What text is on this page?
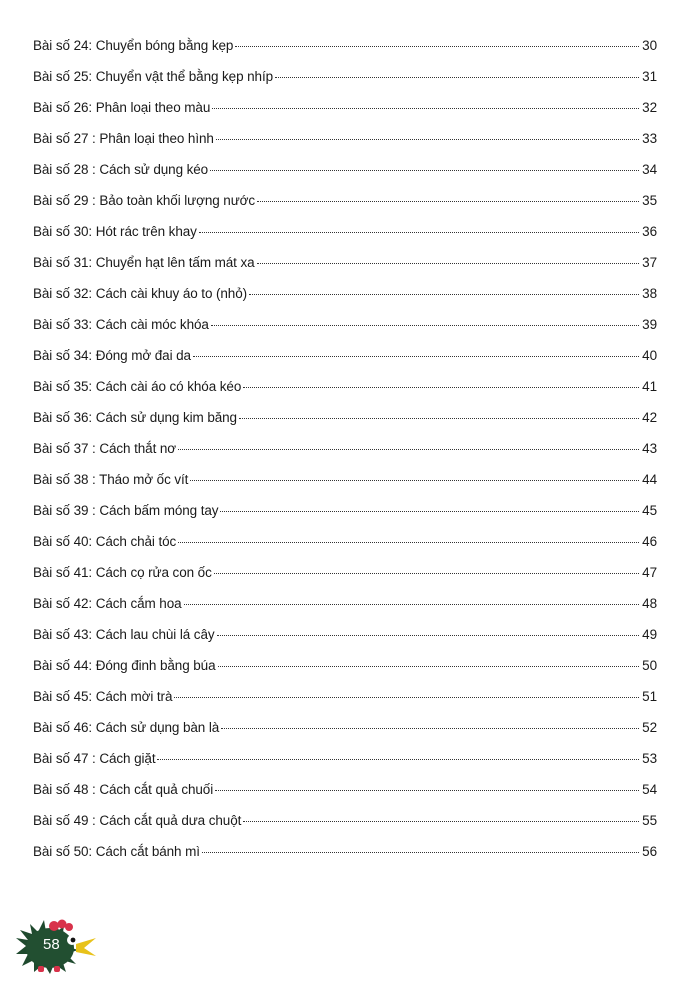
Bài số 24: Chuyển bóng bằng kẹp	30
Bài số 25: Chuyển vật thể bằng kẹp nhíp	31
Bài số 26: Phân loại theo màu	32
Bài số 27 : Phân loại theo hình	33
Bài số 28 : Cách sử dụng kéo	34
Bài số 29 : Bảo toàn khối lượng nước	35
Bài số 30: Hót rác trên khay	36
Bài số 31: Chuyển hạt lên tấm mát xa	37
Bài số 32: Cách cài khuy áo to (nhỏ)	38
Bài số 33: Cách cài móc khóa	39
Bài số 34: Đóng mở đai da	40
Bài số 35: Cách cài áo có khóa kéo	41
Bài số 36: Cách sử dụng kim băng	42
Bài số 37 : Cách thắt nơ	43
Bài số 38 : Tháo mở ốc vít	44
Bài số 39 : Cách bấm móng tay	45
Bài số 40: Cách chải tóc	46
Bài số 41: Cách cọ rửa con ốc	47
Bài số 42: Cách cắm hoa	48
Bài số 43: Cách lau chùi lá cây	49
Bài số 44: Đóng đinh bằng búa	50
Bài số 45: Cách mời trà	51
Bài số 46: Cách sử dụng bàn là	52
Bài số 47 : Cách giặt	53
Bài số 48 : Cách cắt quả chuối	54
Bài số 49 : Cách cắt quả dưa chuột	55
Bài số 50: Cách cắt bánh mì	56
58
